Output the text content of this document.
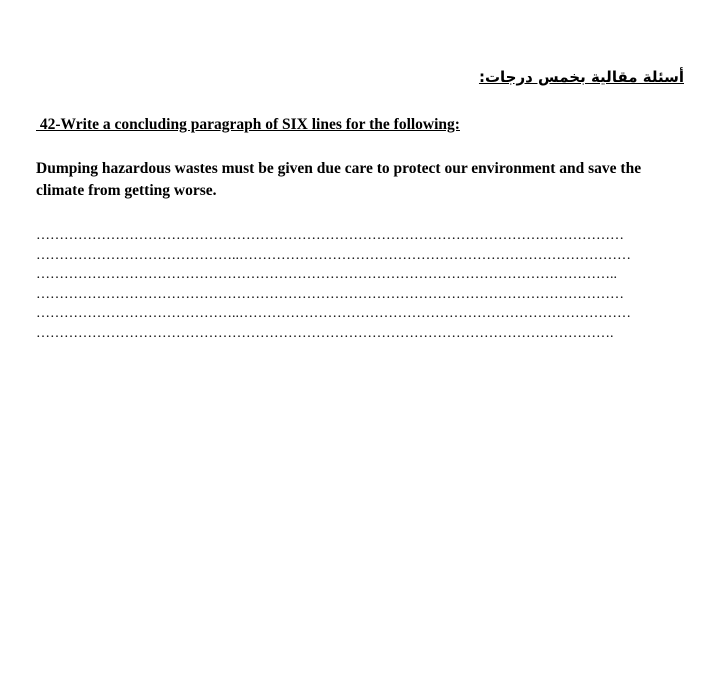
أسئلة مقالية بخمس درجات:
42-Write a concluding paragraph of SIX lines for the following:
Dumping hazardous wastes must be given due care to protect our environment and save the climate from getting worse.
………………………………………………………………………………………………………………
……………………………………..…………………………………………………………………………
……………………………………………………………………………………………………………..
………………………………………………………………………………………………………………
……………………………………..…………………………………………………………………………
…………………………………………………………………………………………………………….
